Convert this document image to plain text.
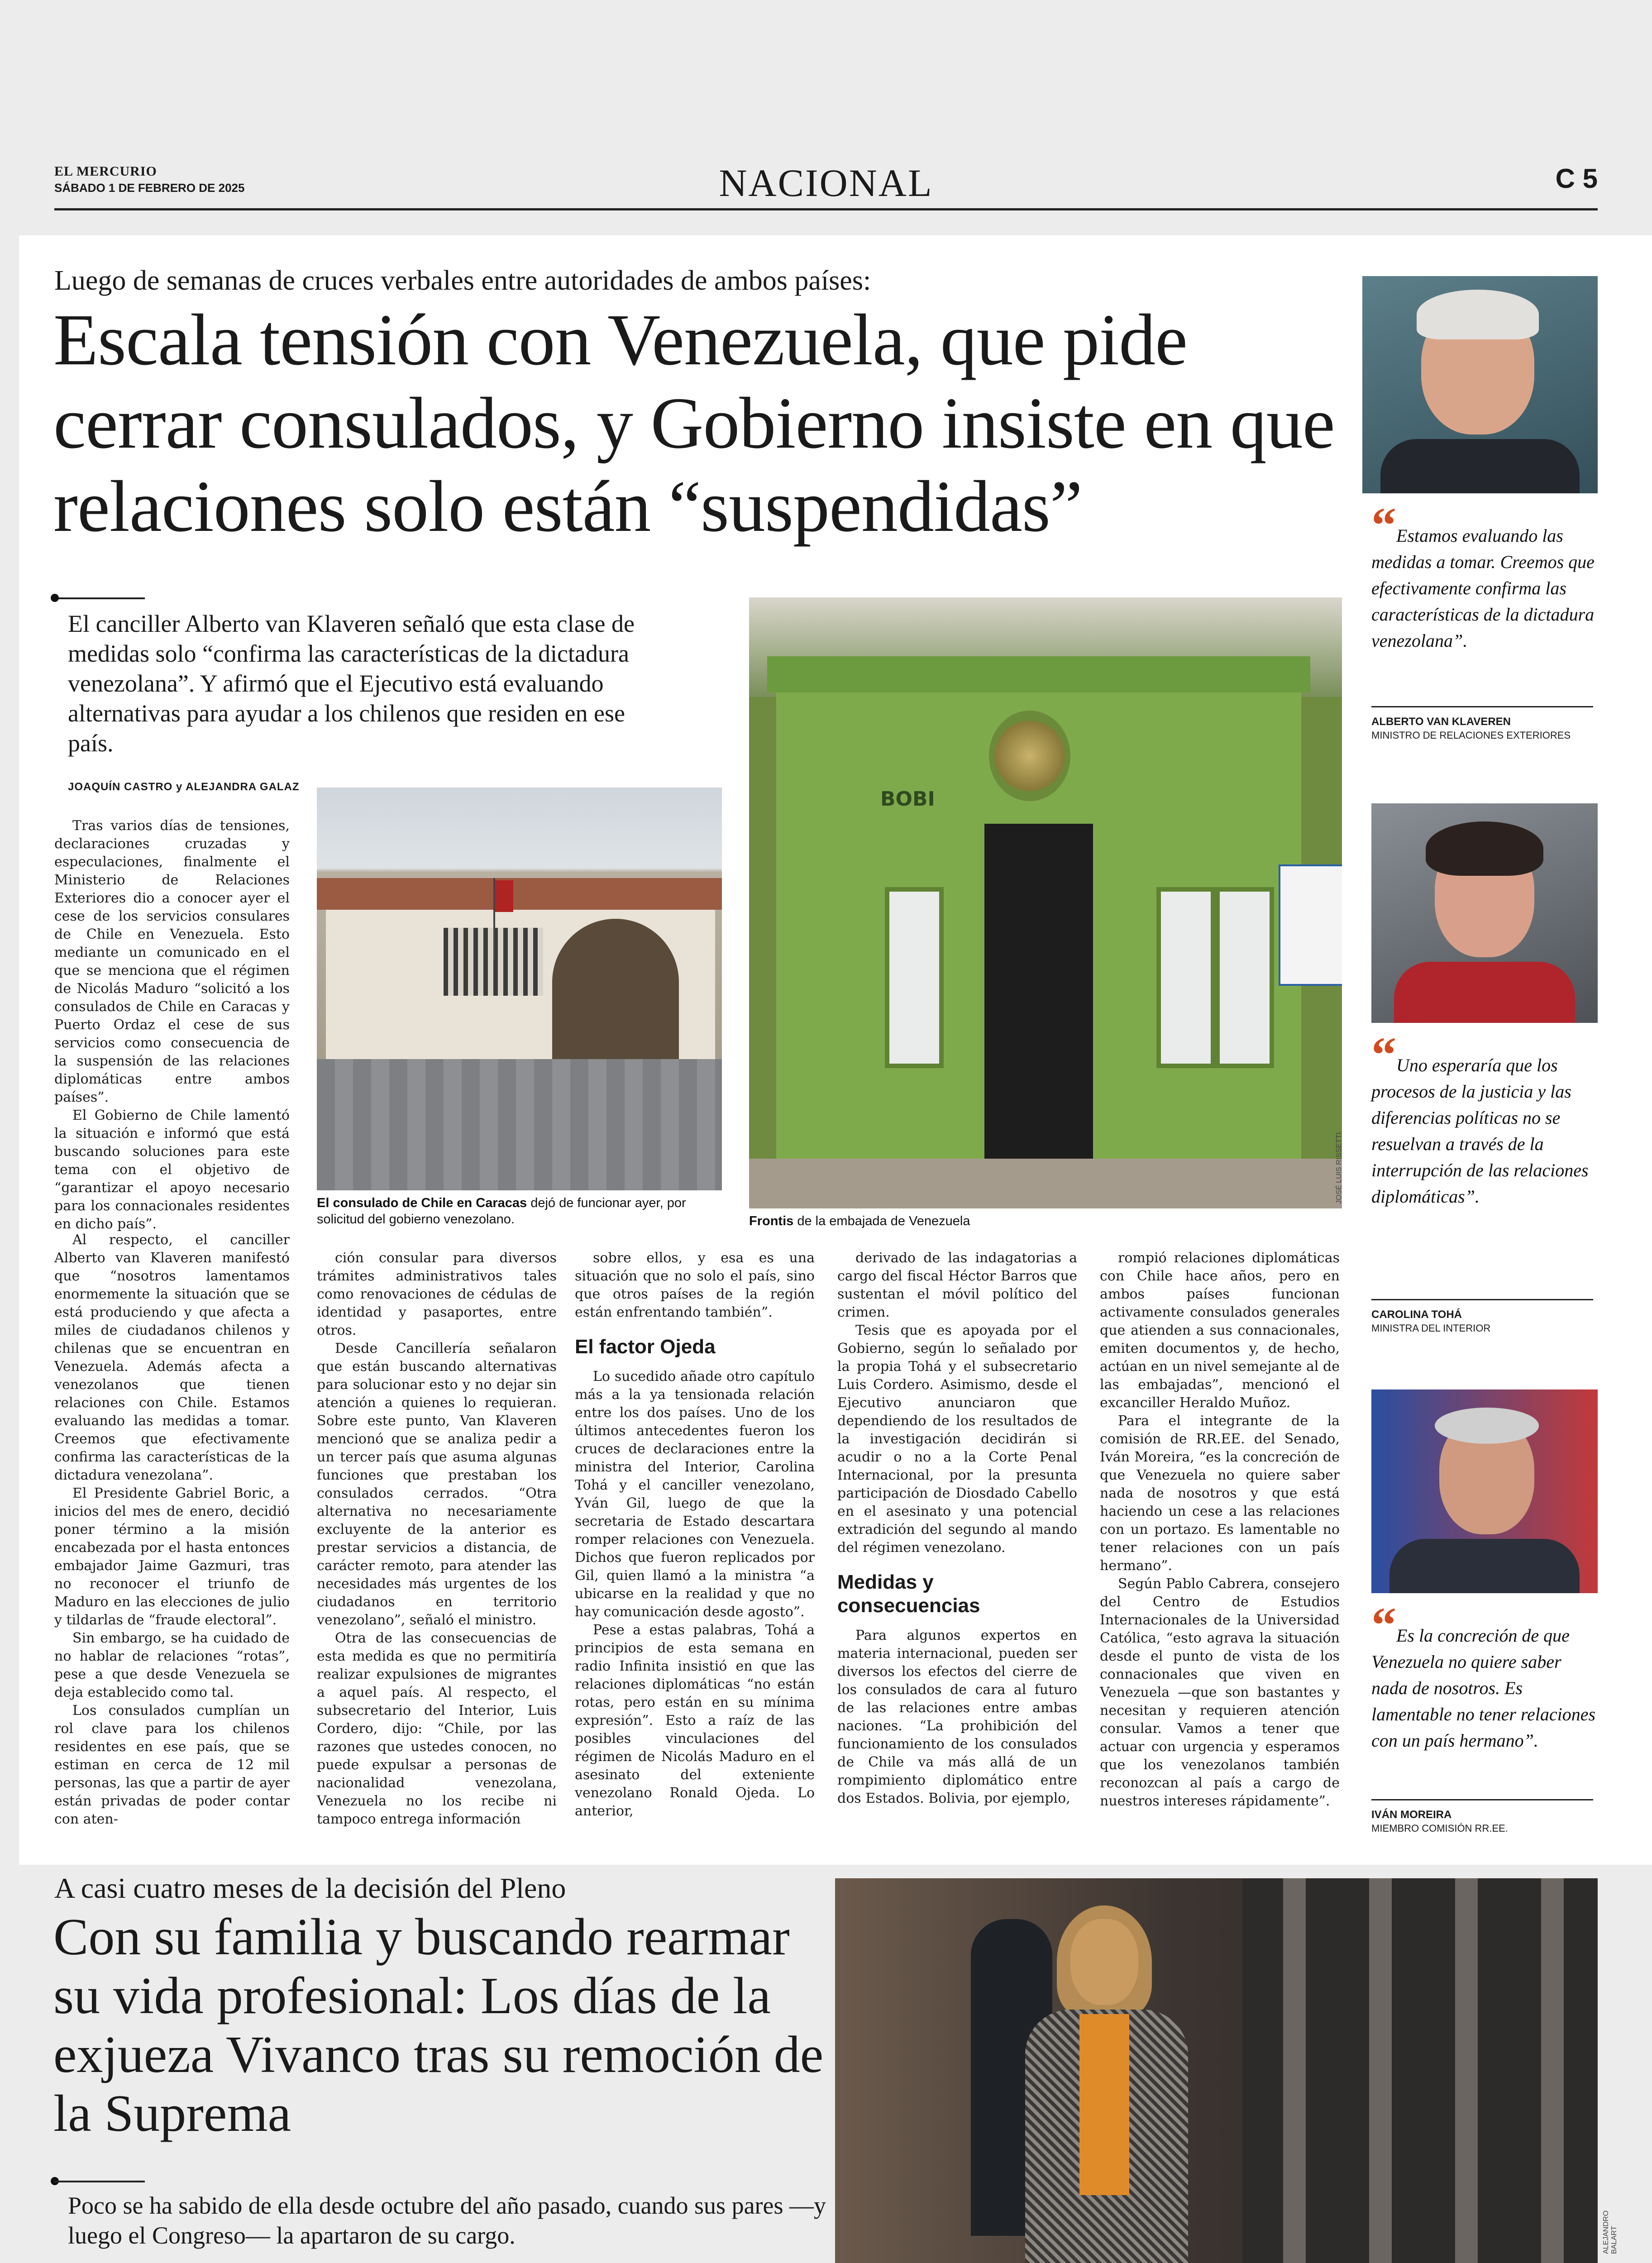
EL MERCURIO
SÁBADO 1 DE FEBRERO DE 2025	NACIONAL	C 5
Luego de semanas de cruces verbales entre autoridades de ambos países:
Escala tensión con Venezuela, que pide cerrar consulados, y Gobierno insiste en que relaciones solo están “suspendidas”
El canciller Alberto van Klaveren señaló que esta clase de medidas solo “confirma las características de la dictadura venezolana”. Y afirmó que el Ejecutivo está evaluando alternativas para ayudar a los chilenos que residen en ese país.
JOAQUÍN CASTRO y ALEJANDRA GALAZ
El consulado de Chile en Caracas dejó de funcionar ayer, por solicitud del gobierno venezolano.
BOBI
JOSÉ LUIS RISSETTI
Frontis de la embajada de Venezuela

Tras varios días de tensiones, declaraciones cruzadas y especulaciones, finalmente el Ministerio de Relaciones Exteriores dio a conocer ayer el cese de los servicios consulares de Chile en Venezuela. Esto mediante un comunicado en el que se menciona que el régimen de Nicolás Maduro “solicitó a los consulados de Chile en Caracas y Puerto Ordaz el cese de sus servicios como consecuencia de la suspensión de las relaciones diplomáticas entre ambos países”.

El Gobierno de Chile lamentó la situación e informó que está buscando soluciones para este tema con el objetivo de “garantizar el apoyo necesario para los connacionales residentes en dicho país”.

Al respecto, el canciller Alberto van Klaveren manifestó que “nosotros lamentamos enormemente la situación que se está produciendo y que afecta a miles de ciudadanos chilenos y chilenas que se encuentran en Venezuela. Además afecta a venezolanos que tienen relaciones con Chile. Estamos evaluando las medidas a tomar. Creemos que efectivamente confirma las características de la dictadura venezolana”.

El Presidente Gabriel Boric, a inicios del mes de enero, decidió poner término a la misión encabezada por el hasta entonces embajador Jaime Gazmuri, tras no reconocer el triunfo de Maduro en las elecciones de julio y tildarlas de “fraude electoral”.

Sin embargo, se ha cuidado de no hablar de relaciones “rotas”, pese a que desde Venezuela se deja establecido como tal.

Los consulados cumplían un rol clave para los chilenos residentes en ese país, que se estiman en cerca de 12 mil personas, las que a partir de ayer están privadas de poder contar con aten-

ción consular para diversos trámites administrativos tales como renovaciones de cédulas de identidad y pasaportes, entre otros.

Desde Cancillería señalaron que están buscando alternativas para solucionar esto y no dejar sin atención a quienes lo requieran. Sobre este punto, Van Klaveren mencionó que se analiza pedir a un tercer país que asuma algunas funciones que prestaban los consulados cerrados. “Otra alternativa no necesariamente excluyente de la anterior es prestar servicios a distancia, de carácter remoto, para atender las necesidades más urgentes de los ciudadanos en territorio venezolano”, señaló el ministro.

Otra de las consecuencias de esta medida es que no permitiría realizar expulsiones de migrantes a aquel país. Al respecto, el subsecretario del Interior, Luis Cordero, dijo: “Chile, por las razones que ustedes conocen, no puede expulsar a personas de nacionalidad venezolana, Venezuela no los recibe ni tampoco entrega información

sobre ellos, y esa es una situación que no solo el país, sino que otros países de la región están enfrentando también”.

El factor Ojeda

Lo sucedido añade otro capítulo más a la ya tensionada relación entre los dos países. Uno de los últimos antecedentes fueron los cruces de declaraciones entre la ministra del Interior, Carolina Tohá y el canciller venezolano, Yván Gil, luego de que la secretaria de Estado descartara romper relaciones con Venezuela. Dichos que fueron replicados por Gil, quien llamó a la ministra “a ubicarse en la realidad y que no hay comunicación desde agosto”.

Pese a estas palabras, Tohá a principios de esta semana en radio Infinita insistió en que las relaciones diplomáticas “no están rotas, pero están en su mínima expresión”. Esto a raíz de las posibles vinculaciones del régimen de Nicolás Maduro en el asesinato del exteniente venezolano Ronald Ojeda. Lo anterior,

derivado de las indagatorias a cargo del fiscal Héctor Barros que sustentan el móvil político del crimen.

Tesis que es apoyada por el Gobierno, según lo señalado por la propia Tohá y el subsecretario Luis Cordero. Asimismo, desde el Ejecutivo anunciaron que dependiendo de los resultados de la investigación decidirán si acudir o no a la Corte Penal Internacional, por la presunta participación de Diosdado Cabello en el asesinato y una potencial extradición del segundo al mando del régimen venezolano.

Medidas y consecuencias

Para algunos expertos en materia internacional, pueden ser diversos los efectos del cierre de los consulados de cara al futuro de las relaciones entre ambas naciones. “La prohibición del funcionamiento de los consulados de Chile va más allá de un rompimiento diplomático entre dos Estados. Bolivia, por ejemplo,

rompió relaciones diplomáticas con Chile hace años, pero en ambos países funcionan activamente consulados generales que atienden a sus connacionales, emiten documentos y, de hecho, actúan en un nivel semejante al de las embajadas”, mencionó el excanciller Heraldo Muñoz.

Para el integrante de la comisión de RR.EE. del Senado, Iván Moreira, “es la concreción de que Venezuela no quiere saber nada de nosotros y que está haciendo un cese a las relaciones con un portazo. Es lamentable no tener relaciones con un país hermano”.

Según Pablo Cabrera, consejero del Centro de Estudios Internacionales de la Universidad Católica, “esto agrava la situación desde el punto de vista de los connacionales que viven en Venezuela —que son bastantes y necesitan y requieren atención consular. Vamos a tener que actuar con urgencia y esperamos que los venezolanos también reconozcan al país a cargo de nuestros intereses rápidamente”.

“Estamos evaluando las medidas a tomar. Creemos que efectivamente confirma las características de la dictadura venezolana”.
ALBERTO VAN KLAVEREN
MINISTRO DE RELACIONES EXTERIORES
“Uno esperaría que los procesos de la justicia y las diferencias políticas no se resuelvan a través de la interrupción de las relaciones diplomáticas”.
CAROLINA TOHÁ
MINISTRA DEL INTERIOR
“Es la concreción de que Venezuela no quiere saber nada de nosotros. Es lamentable no tener relaciones con un país hermano”.
IVÁN MOREIRA
MIEMBRO COMISIÓN RR.EE.
A casi cuatro meses de la decisión del Pleno
Con su familia y buscando rearmar su vida profesional: Los días de la exjueza Vivanco tras su remoción de la Suprema
Poco se ha sabido de ella desde octubre del año pasado, cuando sus pares —y luego el Congreso— la apartaron de su cargo.	ALEJANDRO BALART
